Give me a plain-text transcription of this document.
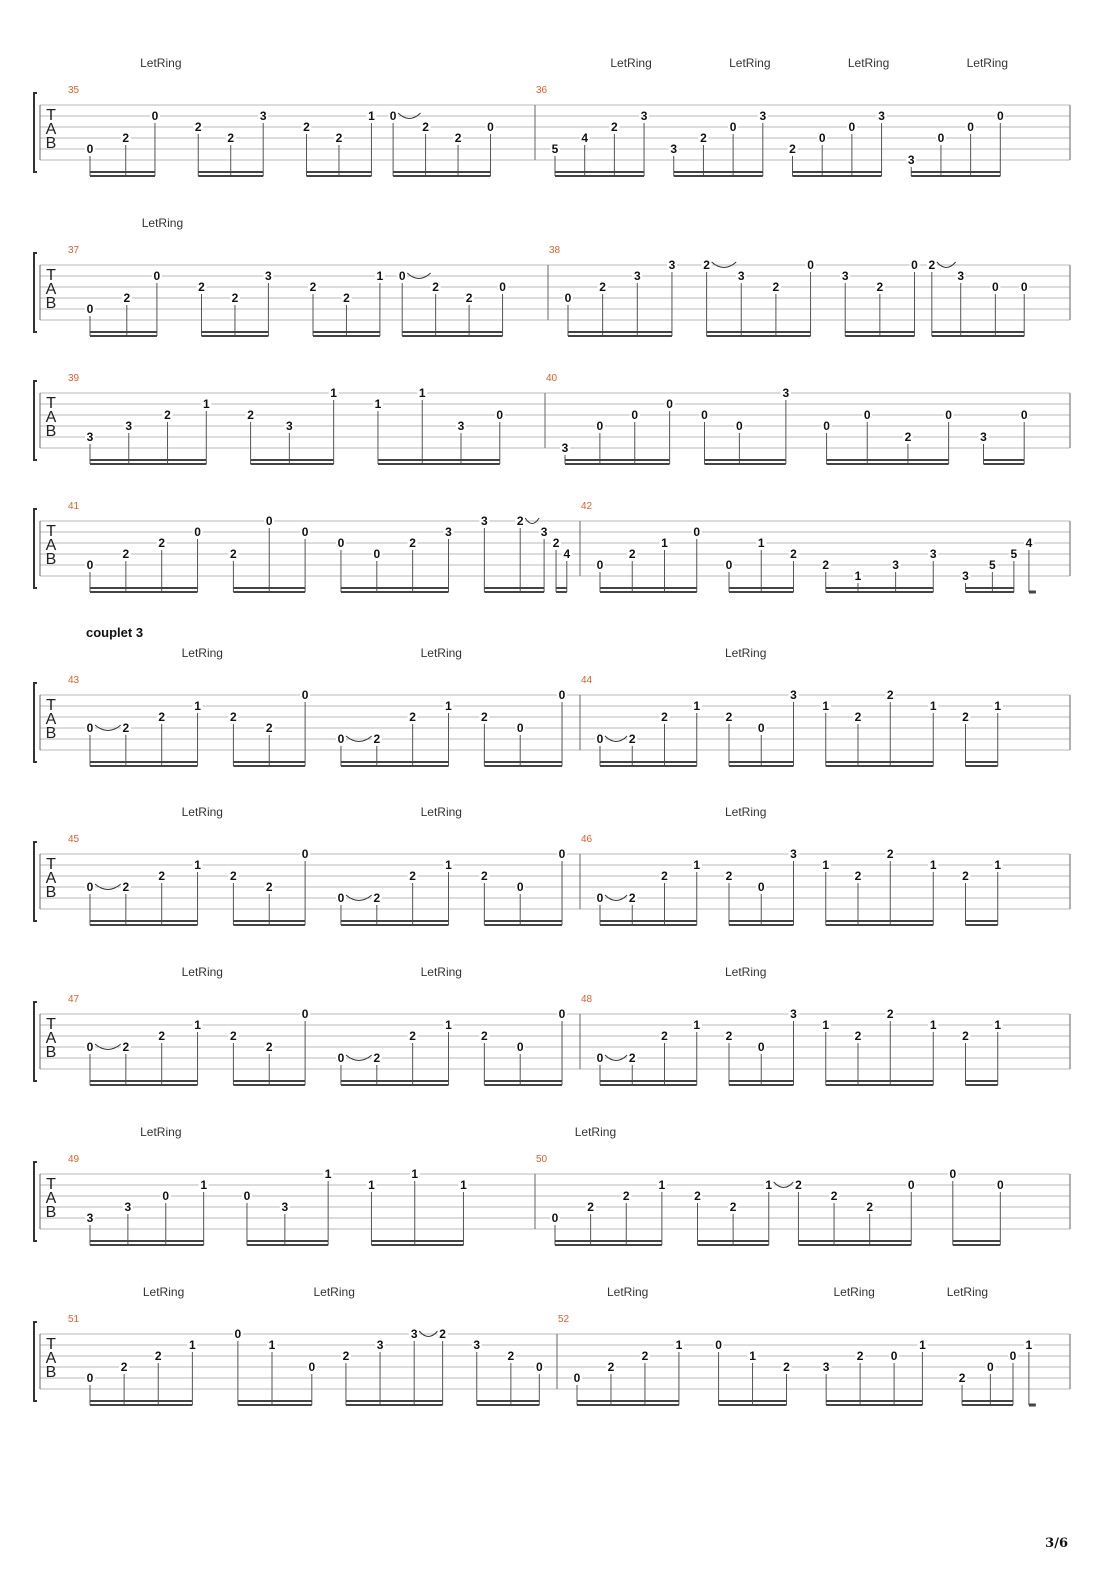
T
A
B
LetRing	LetRing	LetRing	LetRing	LetRing
35
0
2
0
2
2
3
2
2
1 0
2
2
0
36
5
4
2
3
3
2
0
3
2
0
0
3
3
0
0
0
T
A
B
LetRing
37
0
2
0
2
2
3
2
2
1 0
2
2
0
38
0
2
3
3 2
3
2
0
3
2
0 2
3
0 0
T
A
B
39
3
3
2
1
2
3
1
1
1
3
0
40
3
0
0
0
0
0
3
0
0
2
0
3
0
T
A
B
41
0
2
2
0
2
0
0
0
0
2
3
3 2
3
2
4
42
0
2
1
0
0
1
2
2
1
3
3
3
5
5
4
T
A
B
couplet 3
LetRing	LetRing	LetRing
43
0 2
2
1
2
2
0
0 2
2
1
2
0
0
44
0 2
2
1
2
0
3
1
2
2
1
2
1
T
A
B
LetRing	LetRing	LetRing
45
0 2
2
1
2
2
0
0 2
2
1
2
0
0
46
0 2
2
1
2
0
3
1
2
2
1
2
1
T
A
B
LetRing	LetRing	LetRing
47
0 2
2
1
2
2
0
0 2
2
1
2
0
0
48
0 2
2
1
2
0
3
1
2
2
1
2
1
T
A
B
LetRing	LetRing
49
3
3
0
1
0
3
1
1
1
1
50
0
2
2
1
2
2
1 2
2
2
0
0
0
T
A
B
LetRing	LetRing	LetRing	LetRing	LetRing
51
0
2
2
1
0
1
0
2
3
3 2
3
2
0
52
0
2
2
1	0
1
2	3
2 0
1
2
0
0
1
3/6
